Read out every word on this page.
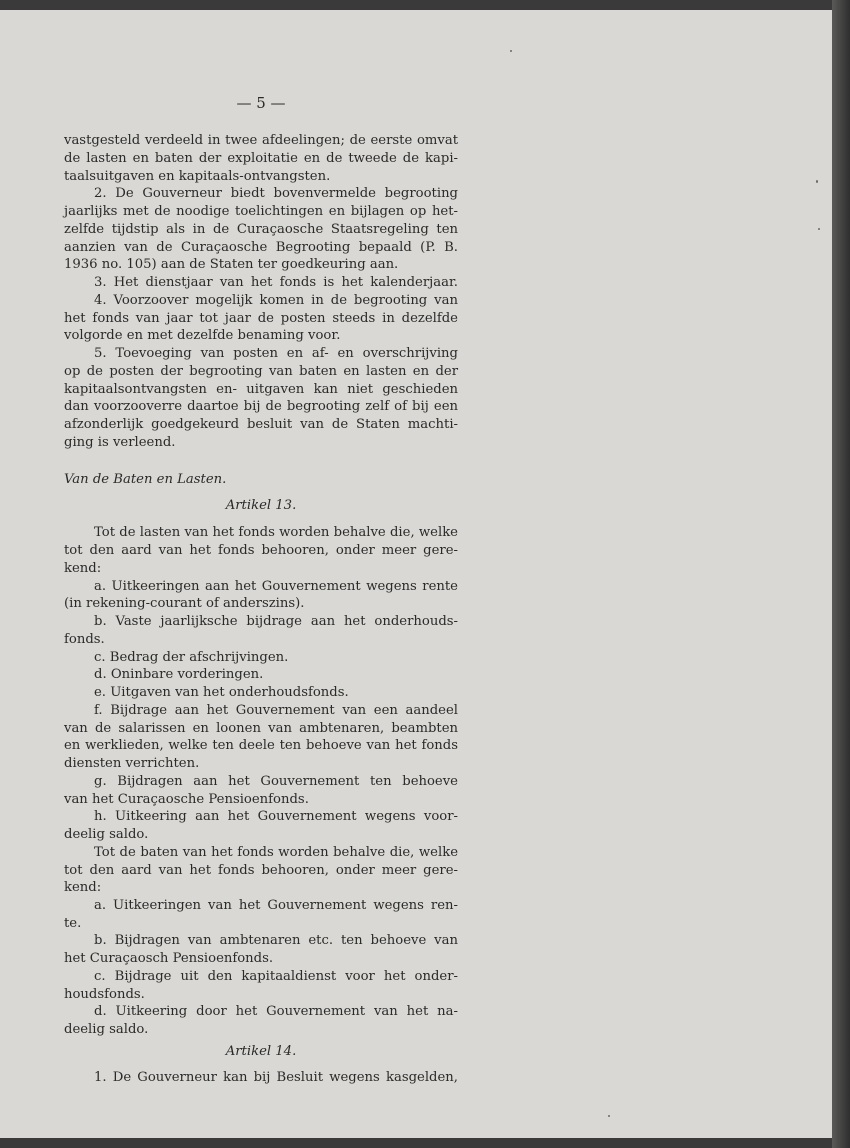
— 5 —
vastgesteld verdeeld in twee afdeelingen; de eerste omvat
de lasten en baten der exploitatie en de tweede de kapi-
taalsuitgaven en kapitaals-ontvangsten.
2. De Gouverneur biedt bovenvermelde begrooting
jaarlijks met de noodige toelichtingen en bijlagen op het-
zelfde tijdstip als in de Curaçaosche Staatsregeling ten
aanzien van de Curaçaosche Begrooting bepaald (P. B.
1936 no. 105) aan de Staten ter goedkeuring aan.
3. Het dienstjaar van het fonds is het kalenderjaar.
4. Voorzoover mogelijk komen in de begrooting van
het fonds van jaar tot jaar de posten steeds in dezelfde
volgorde en met dezelfde benaming voor.
5. Toevoeging van posten en af- en overschrijving
op de posten der begrooting van baten en lasten en der
kapitaalsontvangsten en- uitgaven kan niet geschieden
dan voorzooverre daartoe bij de begrooting zelf of bij een
afzonderlijk goedgekeurd besluit van de Staten machti-
ging is verleend.
Van de Baten en Lasten.
Artikel 13.
Tot de lasten van het fonds worden behalve die, welke
tot den aard van het fonds behooren, onder meer gere-
kend:
a. Uitkeeringen aan het Gouvernement wegens rente
(in rekening-courant of anderszins).
b. Vaste jaarlijksche bijdrage aan het onderhouds-
fonds.
c. Bedrag der afschrijvingen.
d. Oninbare vorderingen.
e. Uitgaven van het onderhoudsfonds.
f. Bijdrage aan het Gouvernement van een aandeel
van de salarissen en loonen van ambtenaren, beambten
en werklieden, welke ten deele ten behoeve van het fonds
diensten verrichten.
g. Bijdragen aan het Gouvernement ten behoeve
van het Curaçaosche Pensioenfonds.
h. Uitkeering aan het Gouvernement wegens voor-
deelig saldo.
Tot de baten van het fonds worden behalve die, welke
tot den aard van het fonds behooren, onder meer gere-
kend:
a. Uitkeeringen van het Gouvernement wegens ren-
te.
b. Bijdragen van ambtenaren etc. ten behoeve van
het Curaçaosch Pensioenfonds.
c. Bijdrage uit den kapitaaldienst voor het onder-
houdsfonds.
d. Uitkeering door het Gouvernement van het na-
deelig saldo.
Artikel 14.
1. De Gouverneur kan bij Besluit wegens kasgelden,
